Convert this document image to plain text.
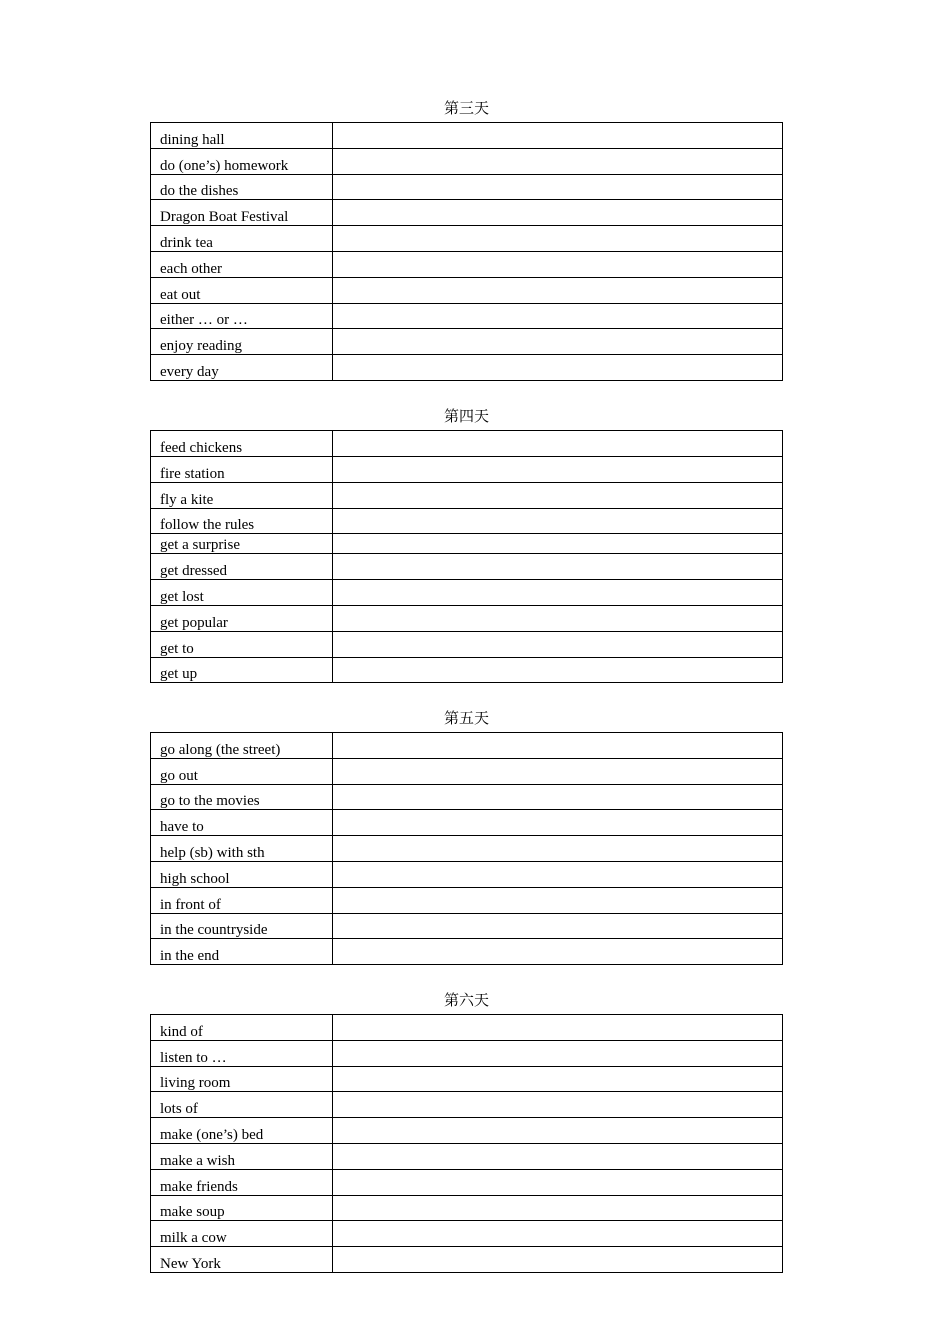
第三天
dining hall	
do (one’s) homework	
do the dishes	
Dragon Boat Festival	
drink tea	
each other	
eat out	
either … or …	
enjoy reading	
every day	
第四天
feed chickens	
fire station	
fly a kite	
follow the rules	
get a surprise	
get dressed	
get lost	
get popular	
get to	
get up	
第五天
go along (the street)	
go out	
go to the movies	
have to	
help (sb) with sth	
high school	
in front of	
in the countryside	
in the end	
第六天
kind of	
listen to …	
living room	
lots of	
make (one’s) bed	
make a wish	
make friends	
make soup	
milk a cow	
New York	
